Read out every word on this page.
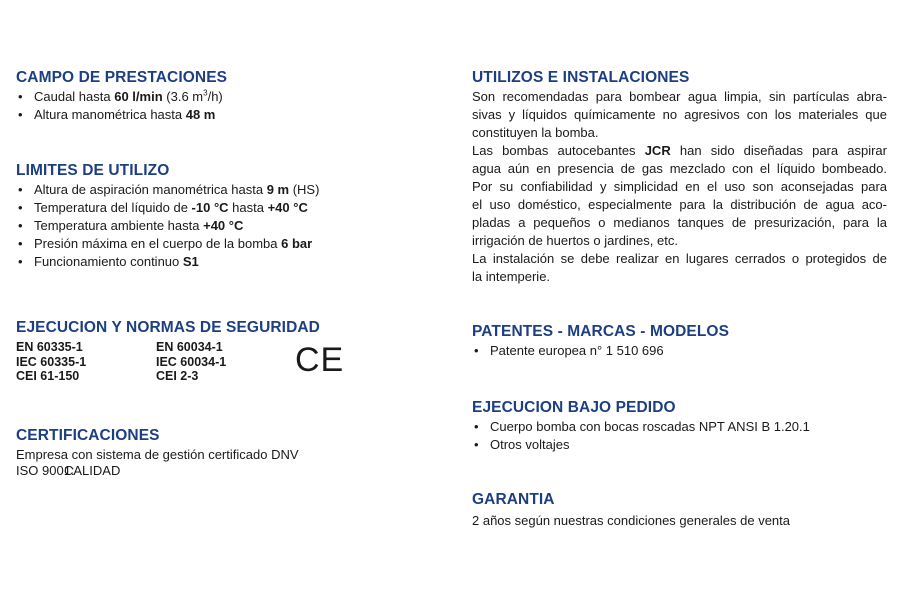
CAMPO DE PRESTACIONES
• Caudal hasta 60 l/min (3.6 $m^3/h$)
• Altura manométrica hasta 48 m
LIMITES DE UTILIZO
• Altura de aspiración manométrica hasta 9 m (HS)
• Temperatura del líquido de -10 °C hasta +40 °C
• Temperatura ambiente hasta +40 °C
• Presión máxima en el cuerpo de la bomba 6 bar
• Funcionamiento continuo S1
EJECUCION Y NORMAS DE SEGURIDAD
EN 60335-1
IEC 60335-1
CEI 61-150
EN 60034-1
IEC 60034-1
CEI 2-3	CE
CERTIFICACIONES
Empresa con sistema de gestión certificado DNV
ISO 9001:CALIDAD
UTILIZOS E INSTALACIONES
Son recomendadas para bombear agua limpia, sin partículas abra-
sivas y líquidos químicamente no agresivos con los materiales que
constituyen la bomba.
Las bombas autocebantes JCR han sido diseñadas para aspirar
agua aún en presencia de gas mezclado con el líquido bombeado.
Por su confiabilidad y simplicidad en el uso son aconsejadas para
el uso doméstico, especialmente para la distribución de agua aco-
pladas a pequeños o medianos tanques de presurización, para la
irrigación de huertos o jardines, etc.
La instalación se debe realizar en lugares cerrados o protegidos de
la intemperie.
PATENTES - MARCAS - MODELOS
• Patente europea n° 1 510 696
EJECUCION BAJO PEDIDO
• Cuerpo bomba con bocas roscadas NPT ANSI B 1.20.1
• Otros voltajes
GARANTIA
2 años según nuestras condiciones generales de venta
